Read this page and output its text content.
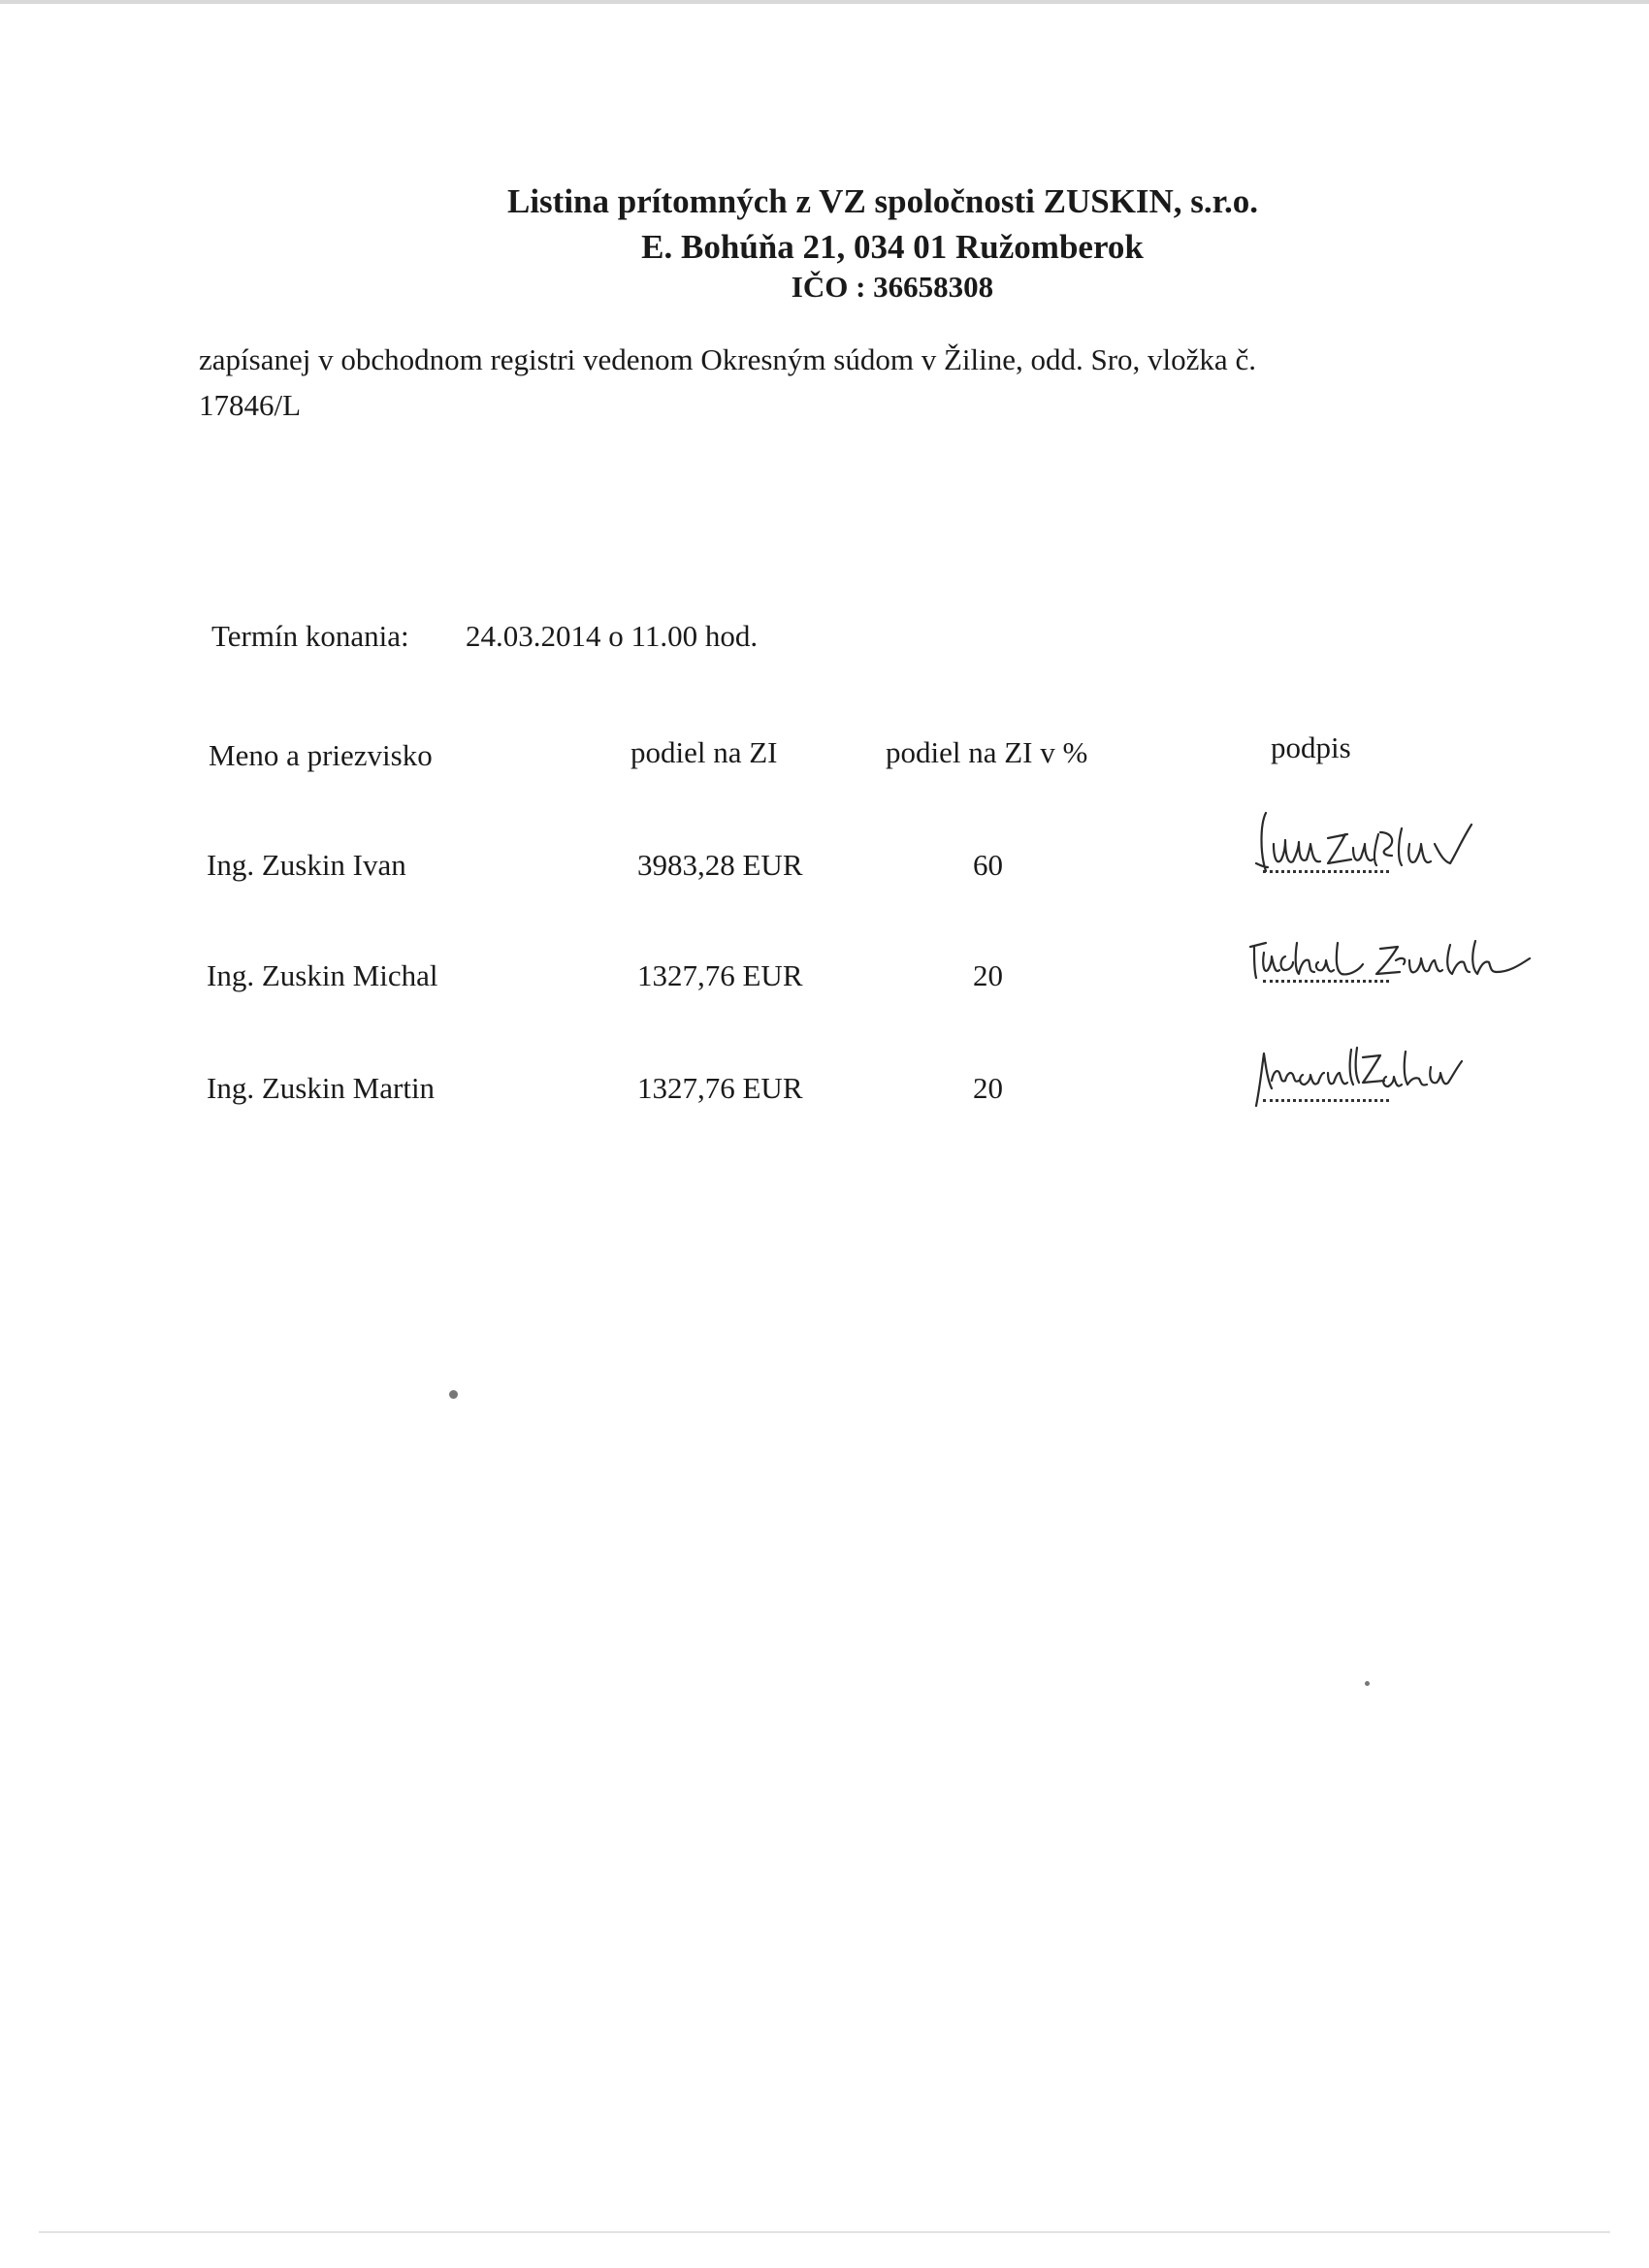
Listina prítomných z VZ spoločnosti ZUSKIN, s.r.o.
E. Bohúňa 21, 034 01 Ružomberok
IČO : 36658308
zapísanej v obchodnom registri vedenom Okresným súdom v Žiline, odd. Sro, vložka č.
17846/L
Termín konania: 24.03.2014 o 11.00 hod.
Meno a priezvisko	podiel na ZI	podiel na ZI v %	podpis
Ing. Zuskin Ivan	3983,28 EUR	60
Ing. Zuskin Michal	1327,76 EUR	20
Ing. Zuskin Martin	1327,76 EUR	20
